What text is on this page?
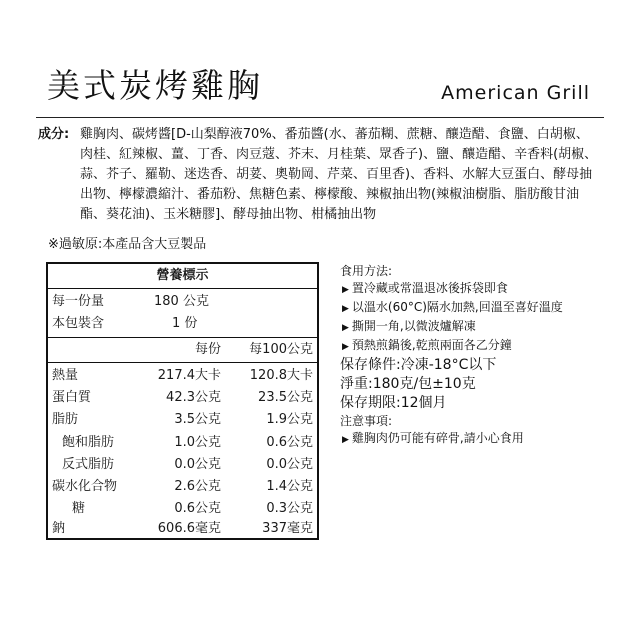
美式炭烤雞胸	American Grill
成分: 雞胸肉、碳烤醬[D-山梨醇液70%、番茄醬(水、蕃茄糊、蔗糖、釀造醋、食鹽、白胡椒、肉桂、紅辣椒、薑、丁香、肉豆蔻、芥末、月桂葉、眾香子)、鹽、釀造醋、辛香料(胡椒、蒜、芥子、羅勒、迷迭香、胡荽、奧勒岡、芹菜、百里香)、香料、水解大豆蛋白、酵母抽出物、檸檬濃縮汁、番茄粉、焦糖色素、檸檬酸、辣椒抽出物(辣椒油樹脂、脂肪酸甘油酯、葵花油)、玉米糖膠]、酵母抽出物、柑橘抽出物
※過敏原:本產品含大豆製品
營養標示
每一份量	180 公克
本包裝含	1 份
每份 每100公克
熱量	217.4大卡 120.8大卡
蛋白質	42.3公克	23.5公克
脂肪	3.5公克	1.9公克
飽和脂肪	1.0公克	0.6公克
反式脂肪	0.0公克	0.0公克
碳水化合物	2.6公克	1.4公克
糖	0.6公克	0.3公克
鈉	606.6毫克	337毫克
食用方法:
▶ 置冷藏或常溫退冰後拆袋即食
▶ 以溫水(60°C)隔水加熱,回溫至喜好溫度
▶ 撕開一角,以微波爐解凍
▶ 預熱煎鍋後,乾煎兩面各乙分鐘
保存條件:冷凍-18°C以下
淨重:180克/包±10克
保存期限:12個月
注意事項:
▶ 雞胸肉仍可能有碎骨,請小心食用
